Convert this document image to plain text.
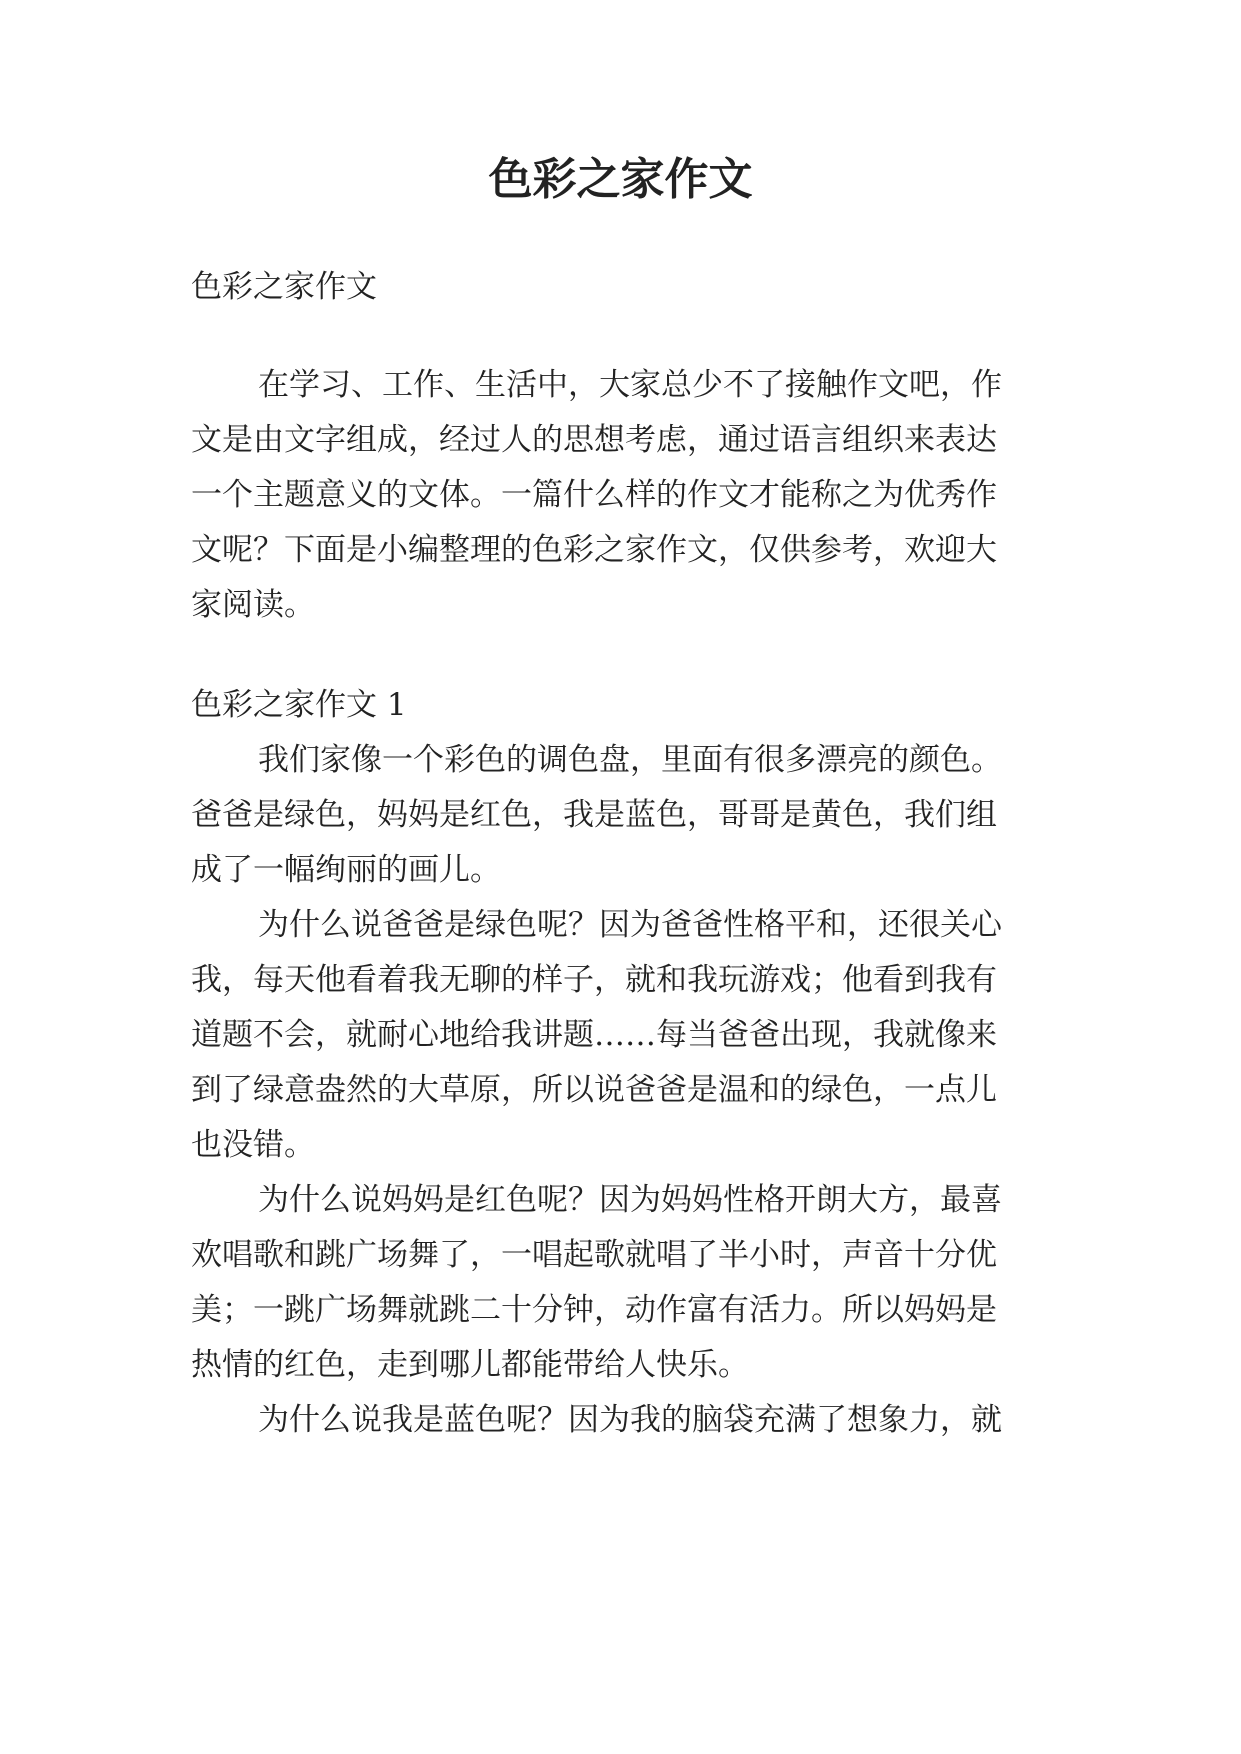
色彩之家作文

色彩之家作文

在学习、工作、生活中，大家总少不了接触作文吧，作

文是由文字组成，经过人的思想考虑，通过语言组织来表达

一个主题意义的文体。一篇什么样的作文才能称之为优秀作

文呢？下面是小编整理的色彩之家作文，仅供参考，欢迎大

家阅读。

色彩之家作文 1

我们家像一个彩色的调色盘，里面有很多漂亮的颜色。

爸爸是绿色，妈妈是红色，我是蓝色，哥哥是黄色，我们组

成了一幅绚丽的画儿。

为什么说爸爸是绿色呢？因为爸爸性格平和，还很关心

我，每天他看着我无聊的样子，就和我玩游戏；他看到我有

道题不会，就耐心地给我讲题……每当爸爸出现，我就像来

到了绿意盎然的大草原，所以说爸爸是温和的绿色，一点儿

也没错。

为什么说妈妈是红色呢？因为妈妈性格开朗大方，最喜

欢唱歌和跳广场舞了，一唱起歌就唱了半小时，声音十分优

美；一跳广场舞就跳二十分钟，动作富有活力。所以妈妈是

热情的红色，走到哪儿都能带给人快乐。

为什么说我是蓝色呢？因为我的脑袋充满了想象力，就
